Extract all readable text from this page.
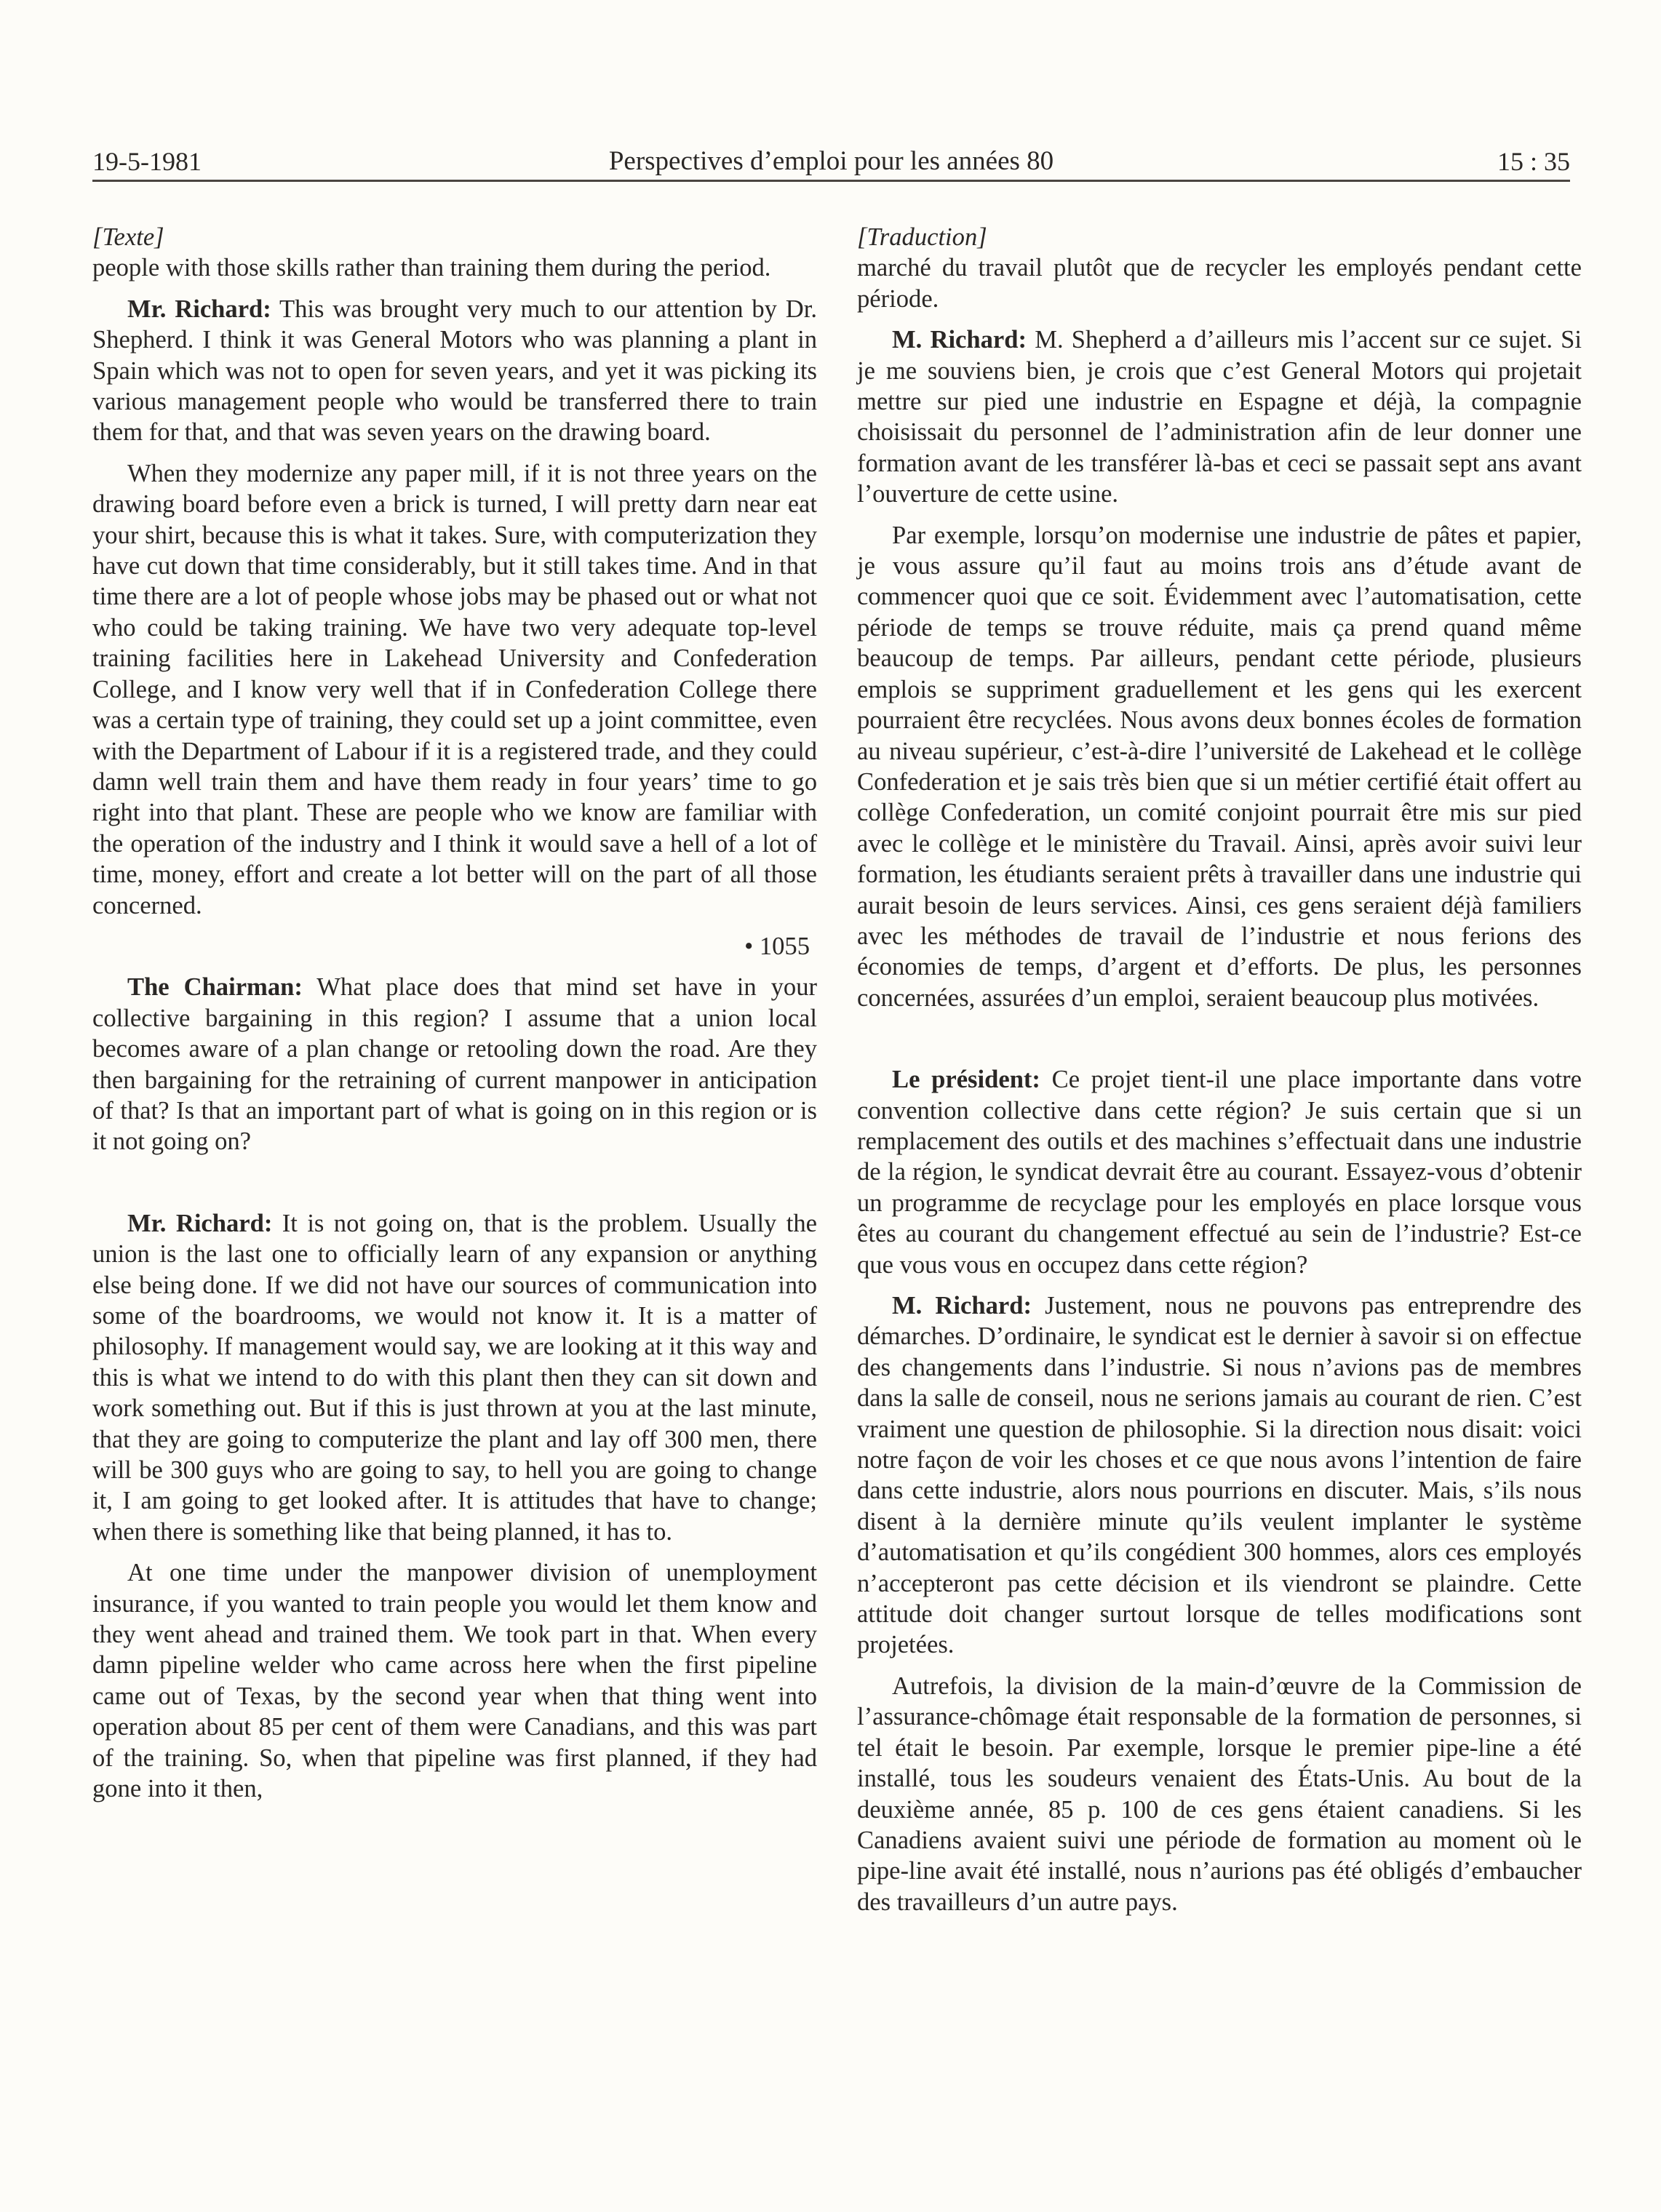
19-5-1981	Perspectives d’emploi pour les années 80	15 : 35

[Texte]

people with those skills rather than training them during the period.

Mr. Richard: This was brought very much to our attention by Dr. Shepherd. I think it was General Motors who was planning a plant in Spain which was not to open for seven years, and yet it was picking its various management people who would be transferred there to train them for that, and that was seven years on the drawing board.

When they modernize any paper mill, if it is not three years on the drawing board before even a brick is turned, I will pretty darn near eat your shirt, because this is what it takes. Sure, with computerization they have cut down that time considerably, but it still takes time. And in that time there are a lot of people whose jobs may be phased out or what not who could be taking training. We have two very adequate top-level training facilities here in Lakehead University and Confederation College, and I know very well that if in Confederation College there was a certain type of training, they could set up a joint committee, even with the Department of Labour if it is a registered trade, and they could damn well train them and have them ready in four years’ time to go right into that plant. These are people who we know are familiar with the operation of the industry and I think it would save a hell of a lot of time, money, effort and create a lot better will on the part of all those concerned.

• 1055

The Chairman: What place does that mind set have in your collective bargaining in this region? I assume that a union local becomes aware of a plan change or retooling down the road. Are they then bargaining for the retraining of current manpower in anticipation of that? Is that an important part of what is going on in this region or is it not going on?

Mr. Richard: It is not going on, that is the problem. Usually the union is the last one to officially learn of any expansion or anything else being done. If we did not have our sources of communication into some of the boardrooms, we would not know it. It is a matter of philosophy. If management would say, we are looking at it this way and this is what we intend to do with this plant then they can sit down and work something out. But if this is just thrown at you at the last minute, that they are going to computerize the plant and lay off 300 men, there will be 300 guys who are going to say, to hell you are going to change it, I am going to get looked after. It is attitudes that have to change; when there is something like that being planned, it has to.

At one time under the manpower division of unemployment insurance, if you wanted to train people you would let them know and they went ahead and trained them. We took part in that. When every damn pipeline welder who came across here when the first pipeline came out of Texas, by the second year when that thing went into operation about 85 per cent of them were Canadians, and this was part of the training. So, when that pipeline was first planned, if they had gone into it then,

[Traduction]

marché du travail plutôt que de recycler les employés pendant cette période.

M. Richard: M. Shepherd a d’ailleurs mis l’accent sur ce sujet. Si je me souviens bien, je crois que c’est General Motors qui projetait mettre sur pied une industrie en Espagne et déjà, la compagnie choisissait du personnel de l’administration afin de leur donner une formation avant de les transférer là-bas et ceci se passait sept ans avant l’ouverture de cette usine.

Par exemple, lorsqu’on modernise une industrie de pâtes et papier, je vous assure qu’il faut au moins trois ans d’étude avant de commencer quoi que ce soit. Évidemment avec l’automatisation, cette période de temps se trouve réduite, mais ça prend quand même beaucoup de temps. Par ailleurs, pendant cette période, plusieurs emplois se suppriment graduellement et les gens qui les exercent pourraient être recyclées. Nous avons deux bonnes écoles de formation au niveau supérieur, c’est-à-dire l’université de Lakehead et le collège Confederation et je sais très bien que si un métier certifié était offert au collège Confederation, un comité conjoint pourrait être mis sur pied avec le collège et le ministère du Travail. Ainsi, après avoir suivi leur formation, les étudiants seraient prêts à travailler dans une industrie qui aurait besoin de leurs services. Ainsi, ces gens seraient déjà familiers avec les méthodes de travail de l’industrie et nous ferions des économies de temps, d’argent et d’efforts. De plus, les personnes concernées, assurées d’un emploi, seraient beaucoup plus motivées.

Le président: Ce projet tient-il une place importante dans votre convention collective dans cette région? Je suis certain que si un remplacement des outils et des machines s’effectuait dans une industrie de la région, le syndicat devrait être au courant. Essayez-vous d’obtenir un programme de recyclage pour les employés en place lorsque vous êtes au courant du changement effectué au sein de l’industrie? Est-ce que vous vous en occupez dans cette région?

M. Richard: Justement, nous ne pouvons pas entreprendre des démarches. D’ordinaire, le syndicat est le dernier à savoir si on effectue des changements dans l’industrie. Si nous n’avions pas de membres dans la salle de conseil, nous ne serions jamais au courant de rien. C’est vraiment une question de philosophie. Si la direction nous disait: voici notre façon de voir les choses et ce que nous avons l’intention de faire dans cette industrie, alors nous pourrions en discuter. Mais, s’ils nous disent à la dernière minute qu’ils veulent implanter le système d’automatisation et qu’ils congédient 300 hommes, alors ces employés n’accepteront pas cette décision et ils viendront se plaindre. Cette attitude doit changer surtout lorsque de telles modifications sont projetées.

Autrefois, la division de la main-d’œuvre de la Commission de l’assurance-chômage était responsable de la formation de personnes, si tel était le besoin. Par exemple, lorsque le premier pipe-line a été installé, tous les soudeurs venaient des États-Unis. Au bout de la deuxième année, 85 p. 100 de ces gens étaient canadiens. Si les Canadiens avaient suivi une période de formation au moment où le pipe-line avait été installé, nous n’aurions pas été obligés d’embaucher des travailleurs d’un autre pays.
